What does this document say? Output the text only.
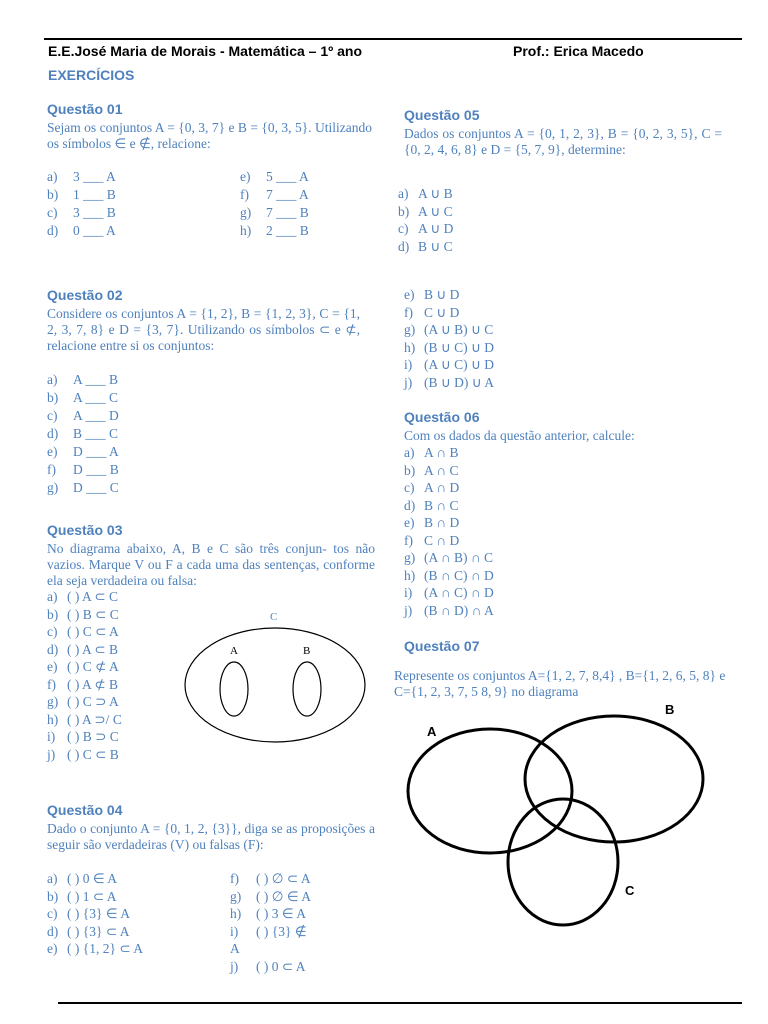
E.E.José Maria de Morais - Matemática – 1º ano	Prof.: Erica Macedo
EXERCÍCIOS
Questão 01
Sejam os conjuntos A = {0, 3, 7} e B = {0, 3, 5}. Utilizando os símbolos ∈ e ∉, relacione:
a) 3 ___ A
b) 1 ___ B
c) 3 ___ B
d) 0 ___ A
e) 5 ___ A
f) 7 ___ A
g) 7 ___ B
h) 2 ___ B
Questão 02
Considere os conjuntos A = {1, 2}, B = {1, 2, 3}, C = {1, 2, 3, 7, 8} e D = {3, 7}. Utilizando os símbolos ⊂ e ⊄, relacione entre si os conjuntos:
a) A ___ B
b) A ___ C
c) A ___ D
d) B ___ C
e) D ___ A
f) D ___ B
g) D ___ C
Questão 03
No diagrama abaixo, A, B e C são três conjun- tos não vazios. Marque V ou F a cada uma das sentenças, conforme ela seja verdadeira ou falsa:
a) ( ) A ⊂ C
b) ( ) B ⊂ C
c) ( ) C ⊂ A
d) ( ) A ⊂ B
e) ( ) C ⊄ A
f) ( ) A ⊄ B
g) ( ) C ⊃ A
h) ( ) A ⊃/ C
i) ( ) B ⊃ C
j) ( ) C ⊂ B
C
A	B
Questão 04
Dado o conjunto A = {0, 1, 2, {3}}, diga se as proposições a seguir são verdadeiras (V) ou falsas (F):
a) ( ) 0 ∈ A
b) ( ) 1 ⊂ A
c) ( ) {3} ∈ A
d) ( ) {3} ⊂ A
e) ( ) {1, 2} ⊂ A
f) ( ) ∅ ⊂ A
g) ( ) ∅ ∈ A
h) ( ) 3 ∈ A
i) ( ) {3} ∉
A
j) ( ) 0 ⊂ A
Questão 05
Dados os conjuntos A = {0, 1, 2, 3}, B = {0, 2, 3, 5}, C = {0, 2, 4, 6, 8} e D = {5, 7, 9}, determine:
a) A ∪ B
b) A ∪ C
c) A ∪ D
d) B ∪ C
e) B ∪ D
f) C ∪ D
g) (A ∪ B) ∪ C
h) (B ∪ C) ∪ D
i) (A ∪ C) ∪ D
j) (B ∪ D) ∪ A
Questão 06
Com os dados da questão anterior, calcule:
a) A ∩ B
b) A ∩ C
c) A ∩ D
d) B ∩ C
e) B ∩ D
f) C ∩ D
g) (A ∩ B) ∩ C
h) (B ∩ C) ∩ D
i) (A ∩ C) ∩ D
j) (B ∩ D) ∩ A
Questão 07
Represente os conjuntos A={1, 2, 7, 8,4} , B={1, 2, 6, 5, 8} e C={1, 2, 3, 7, 5 8, 9} no diagrama
A
B
C
